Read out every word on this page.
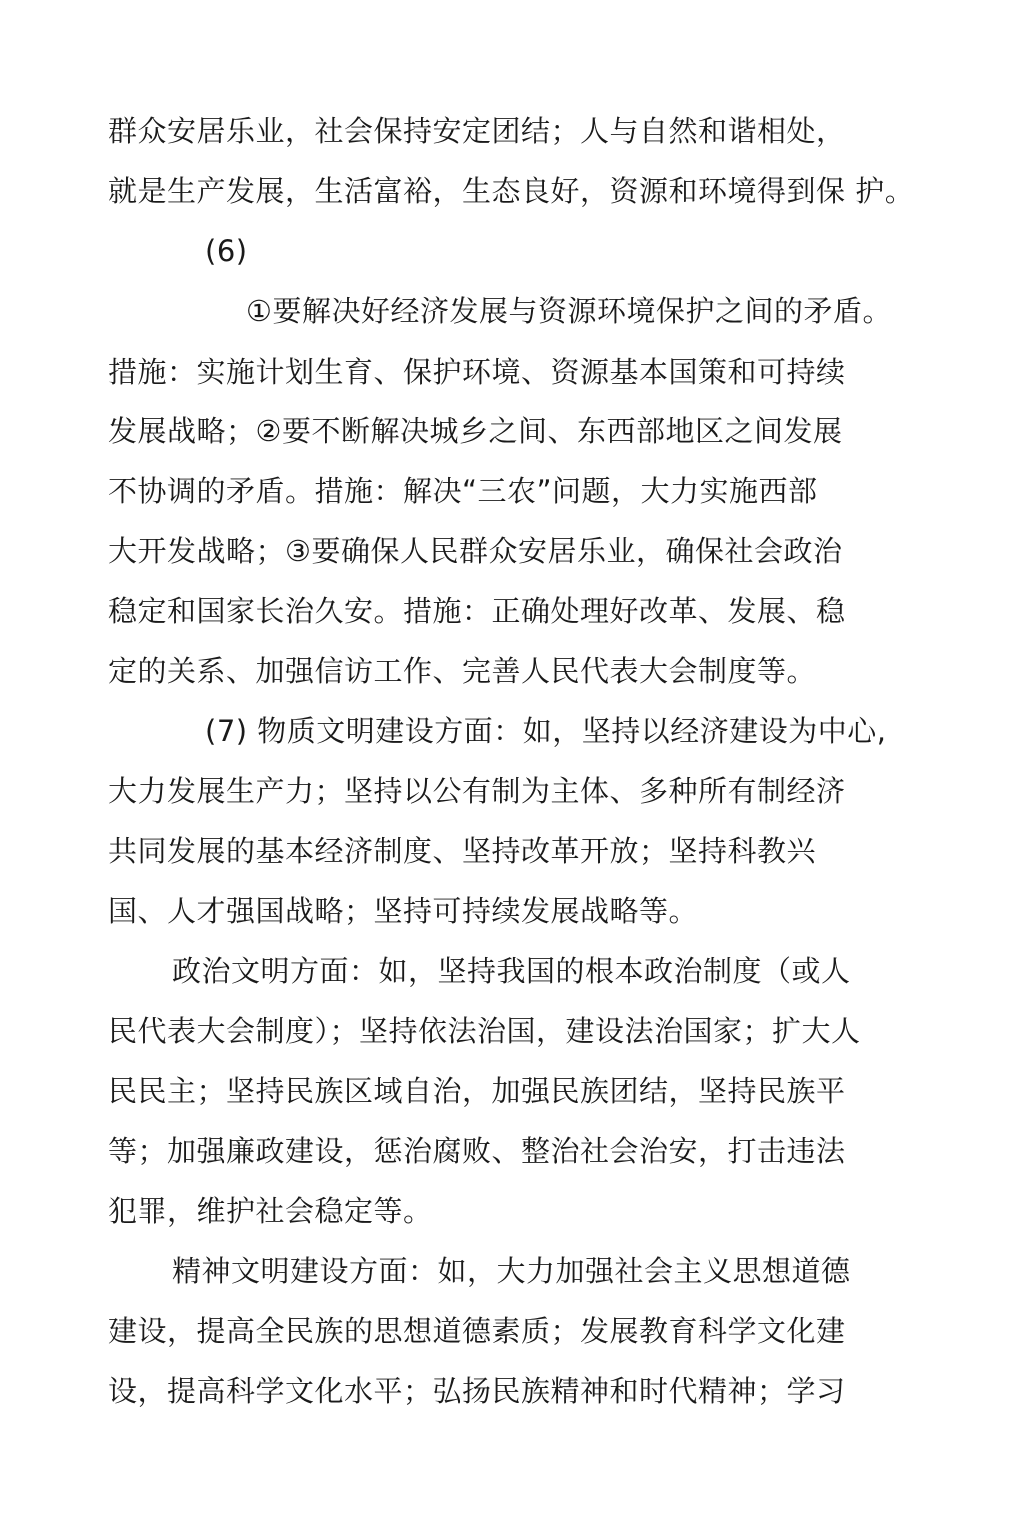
群众安居乐业，社会保持安定团结；人与自然和谐相处，
就是生产发展，生活富裕，生态良好，资源和环境得到保 护。
(6)
①要解决好经济发展与资源环境保护之间的矛盾。
措施：实施计划生育、保护环境、资源基本国策和可持续
发展战略；②要不断解决城乡之间、东西部地区之间发展
不协调的矛盾。措施：解决“三农”问题，大力实施西部
大开发战略；③要确保人民群众安居乐业，确保社会政治
稳定和国家长治久安。措施：正确处理好改革、发展、稳
定的关系、加强信访工作、完善人民代表大会制度等。
(7) 物质文明建设方面：如，坚持以经济建设为中心,
大力发展生产力；坚持以公有制为主体、多种所有制经济
共同发展的基本经济制度、坚持改革开放；坚持科教兴
国、人才强国战略；坚持可持续发展战略等。
政治文明方面：如，坚持我国的根本政治制度（或人
民代表大会制度）；坚持依法治国，建设法治国家；扩大人
民民主；坚持民族区域自治，加强民族团结，坚持民族平
等；加强廉政建设，惩治腐败、整治社会治安，打击违法
犯罪，维护社会稳定等。
精神文明建设方面：如，大力加强社会主义思想道德
建设，提高全民族的思想道德素质；发展教育科学文化建
设，提高科学文化水平；弘扬民族精神和时代精神；学习
